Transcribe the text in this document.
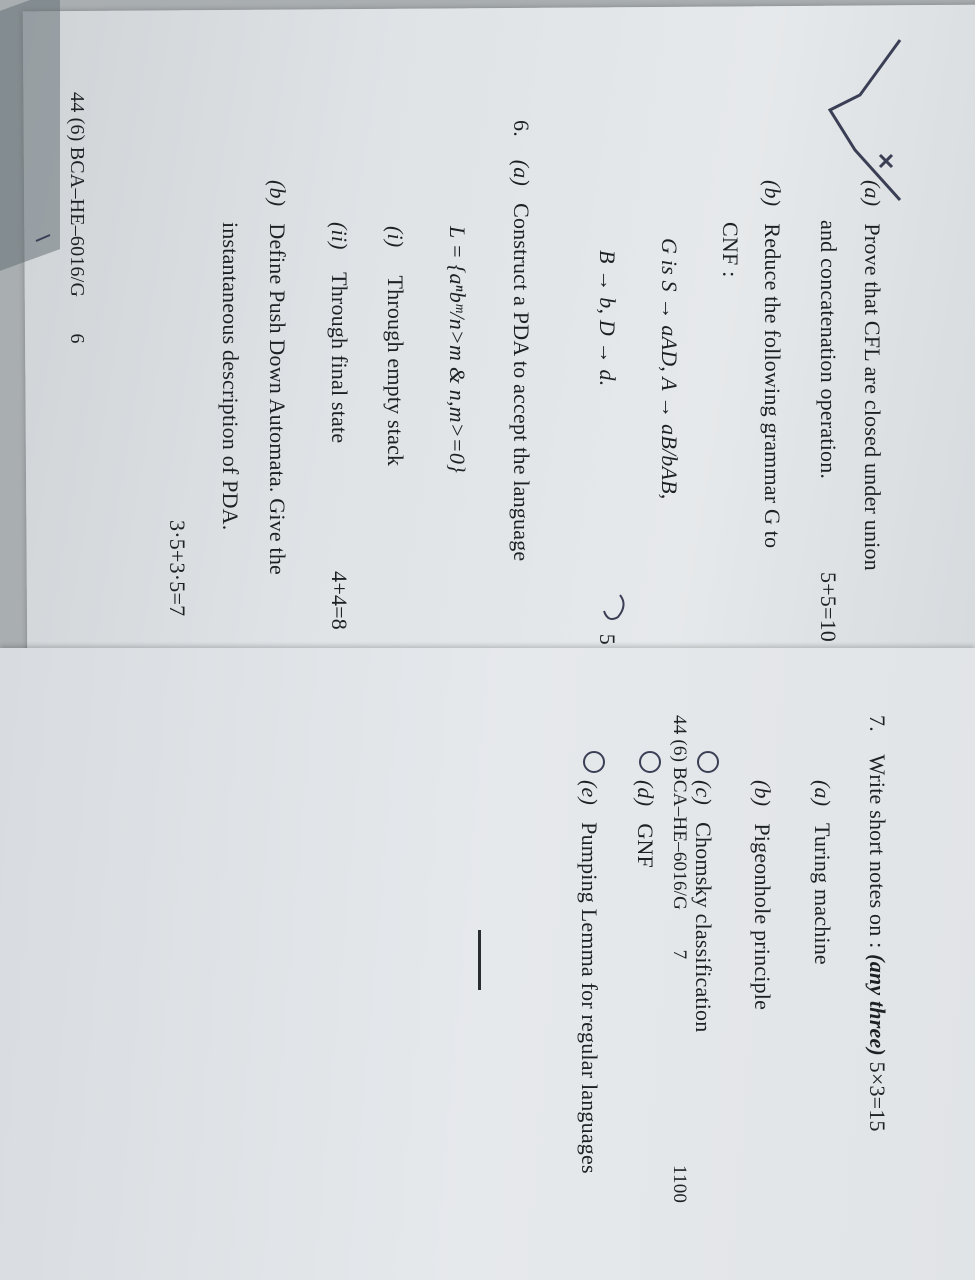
(a)   Prove that CFL are closed under union
and concatenation operation.
5+5=10
(b)   Reduce the following grammar G to
CNF :
G is S → aAD, A → aB/bAB,
B → b, D → d.
5
6.    (a)   Construct a PDA to accept the language
L = {aⁿbᵐ/n>m & n,m>=0}
(i)     Through empty stack
(ii)    Through final state
4+4=8
(b)   Define Push Down Automata. Give the
instantaneous description of PDA.
3·5+3·5=7
44 (6) BCA–HE–6016/G       6
7.    Write short notes on : (any three) 5×3=15
(a)   Turing machine
(b)   Pigeonhole principle
(c)   Chomsky classification
(d)   GNF
(e)   Pumping Lemma for regular languages
44 (6) BCA–HE–6016/G        7
1100
